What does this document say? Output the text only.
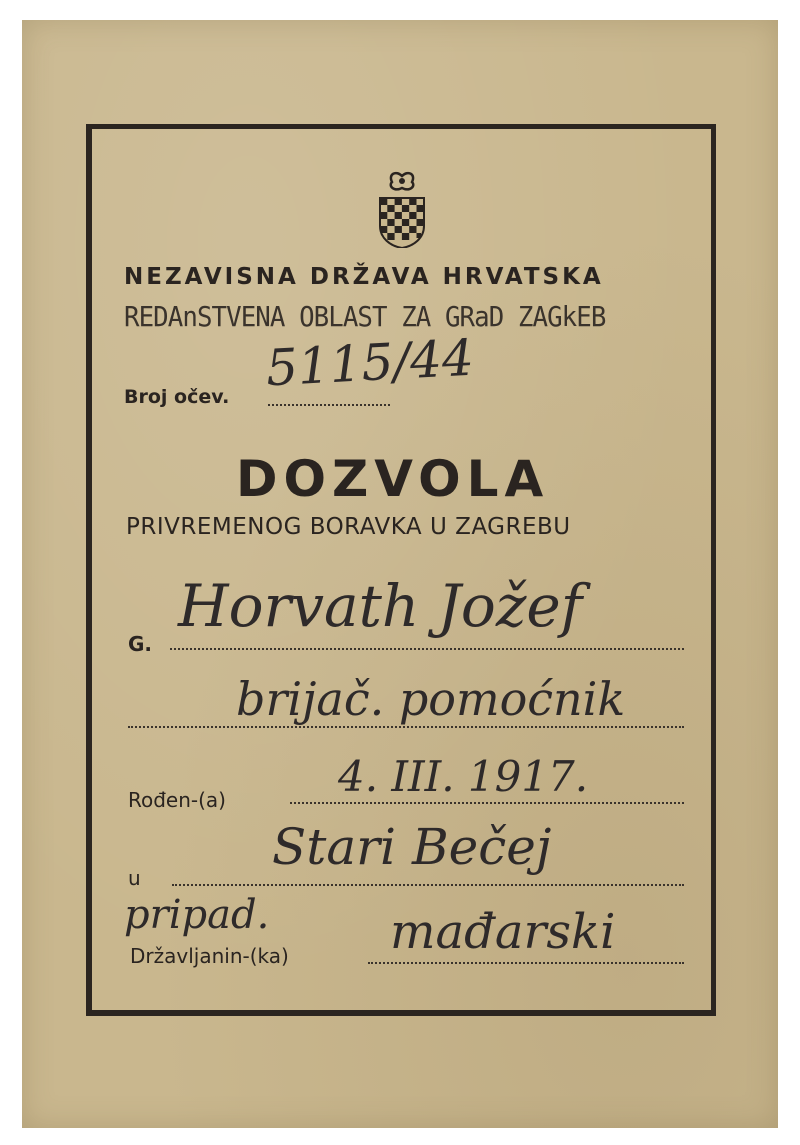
NEZAVISNA DRŽAVA HRVATSKA
REDAnSTVENA OBLAST ZA GRaD ZAGkEB
Broj očev. 5115/44
DOZVOLA
PRIVREMENOG BORAVKA U ZAGREBU
G.
Horvath Jožef
brijač. pomoćnik
Rođen-(a)	4. III. 1917.
u
Stari Bečej
pripad.
Državljanin-(ka) mađarski
